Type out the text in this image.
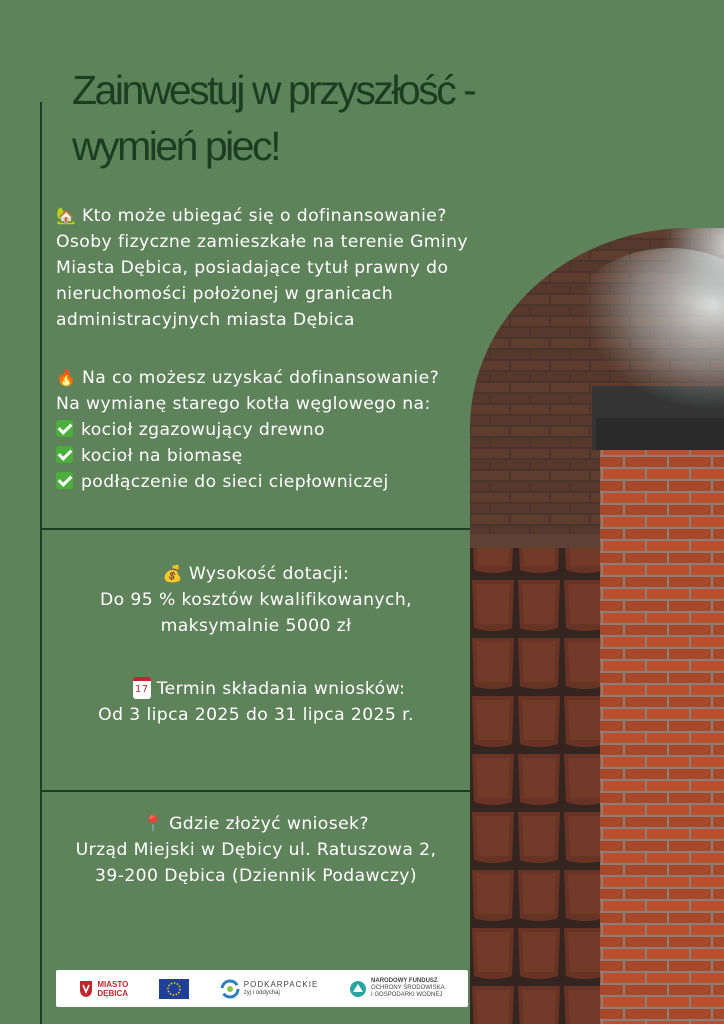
Zainwestuj w przyszłość -
wymień piec!

🏡 Kto może ubiegać się o dofinansowanie?

Osoby fizyczne zamieszkałe na terenie Gminy

Miasta Dębica, posiadające tytuł prawny do

nieruchomości położonej w granicach

administracyjnych miasta Dębica

🔥 Na co możesz uzyskać dofinansowanie?

Na wymianę starego kotła węglowego na:

kocioł zgazowujący drewno

kocioł na biomasę

podłączenie do sieci ciepłowniczej

💰 Wysokość dotacji:

Do 95 % kosztów kwalifikowanych,

maksymalnie 5000 zł

17 Termin składania wniosków:

Od 3 lipca 2025 do 31 lipca 2025 r.

📍 Gdzie złożyć wniosek?

Urząd Miejski w Dębicy ul. Ratuszowa 2,

39-200 Dębica (Dziennik Podawczy)

MIASTO
DĘBICA
PODKARPACKIE
żyj i oddychaj
NARODOWY FUNDUSZ
OCHRONY ŚRODOWISKA
I GOSPODARKI WODNEJ
